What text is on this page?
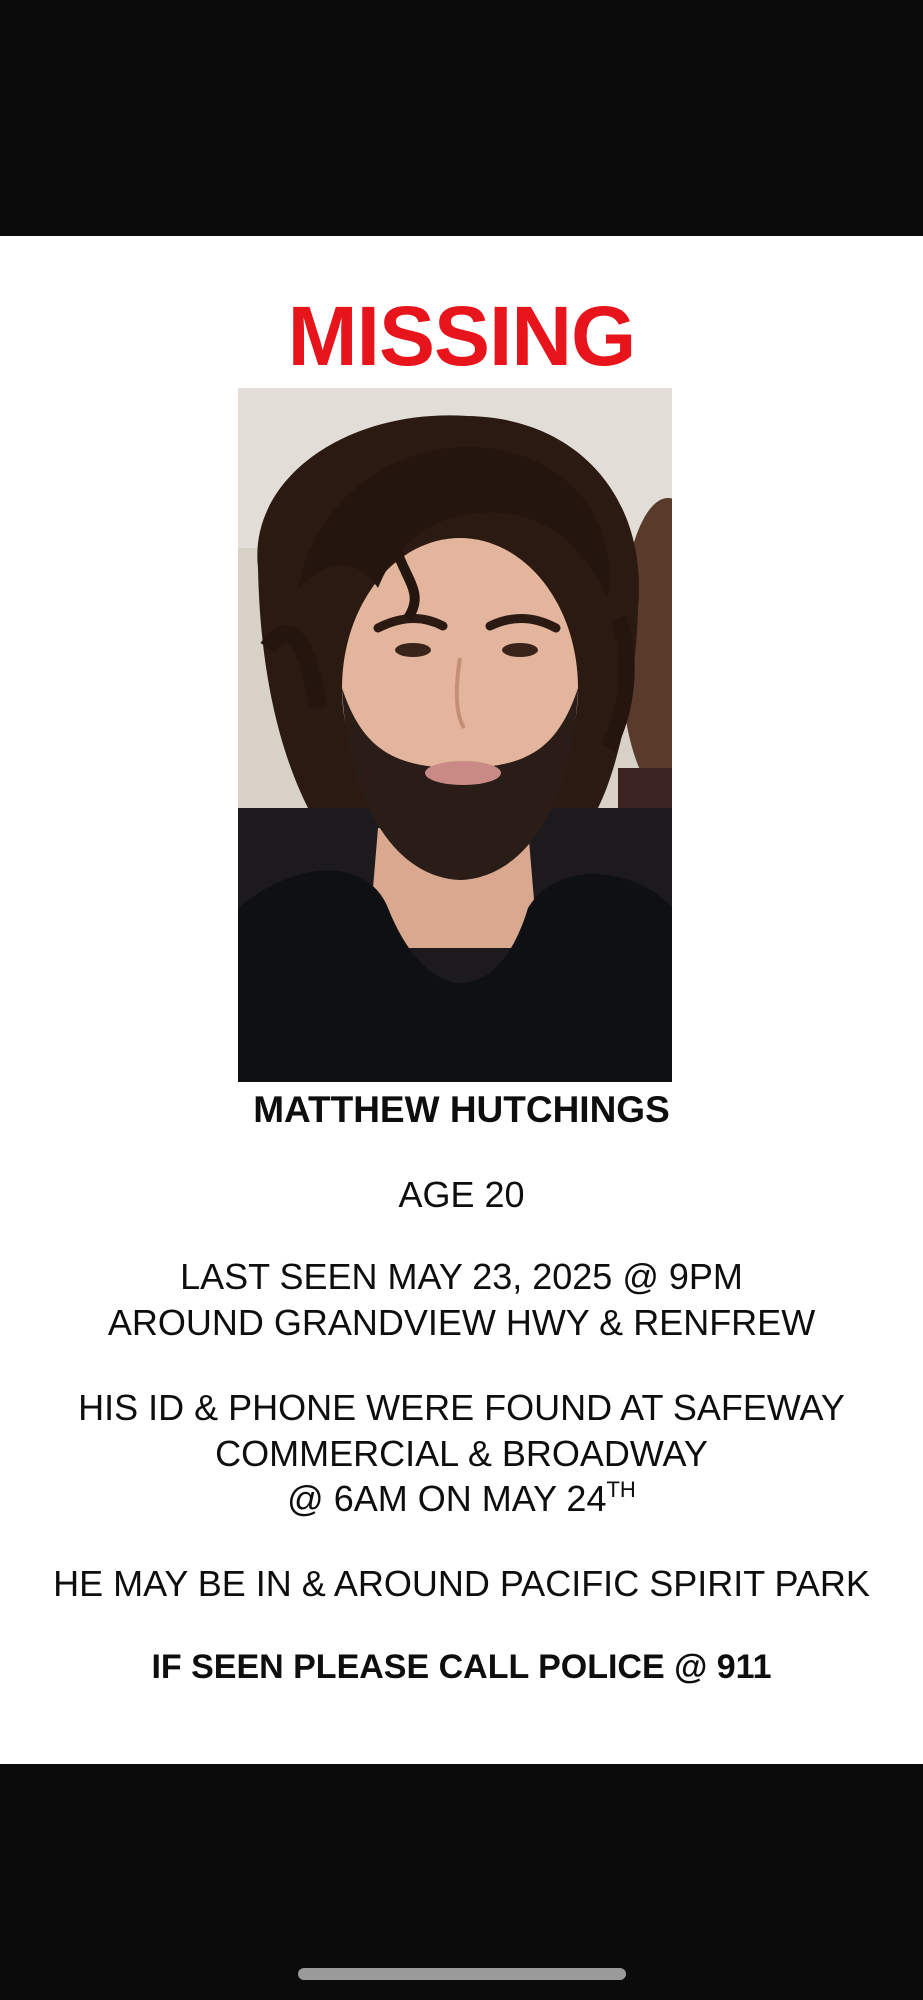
MISSING
MATTHEW HUTCHINGS
AGE 20
LAST SEEN MAY 23, 2025 @ 9PM
AROUND GRANDVIEW HWY & RENFREW
HIS ID & PHONE WERE FOUND AT SAFEWAY
COMMERCIAL & BROADWAY
@ 6AM ON MAY 24TH
HE MAY BE IN & AROUND PACIFIC SPIRIT PARK
IF SEEN PLEASE CALL POLICE @ 911
